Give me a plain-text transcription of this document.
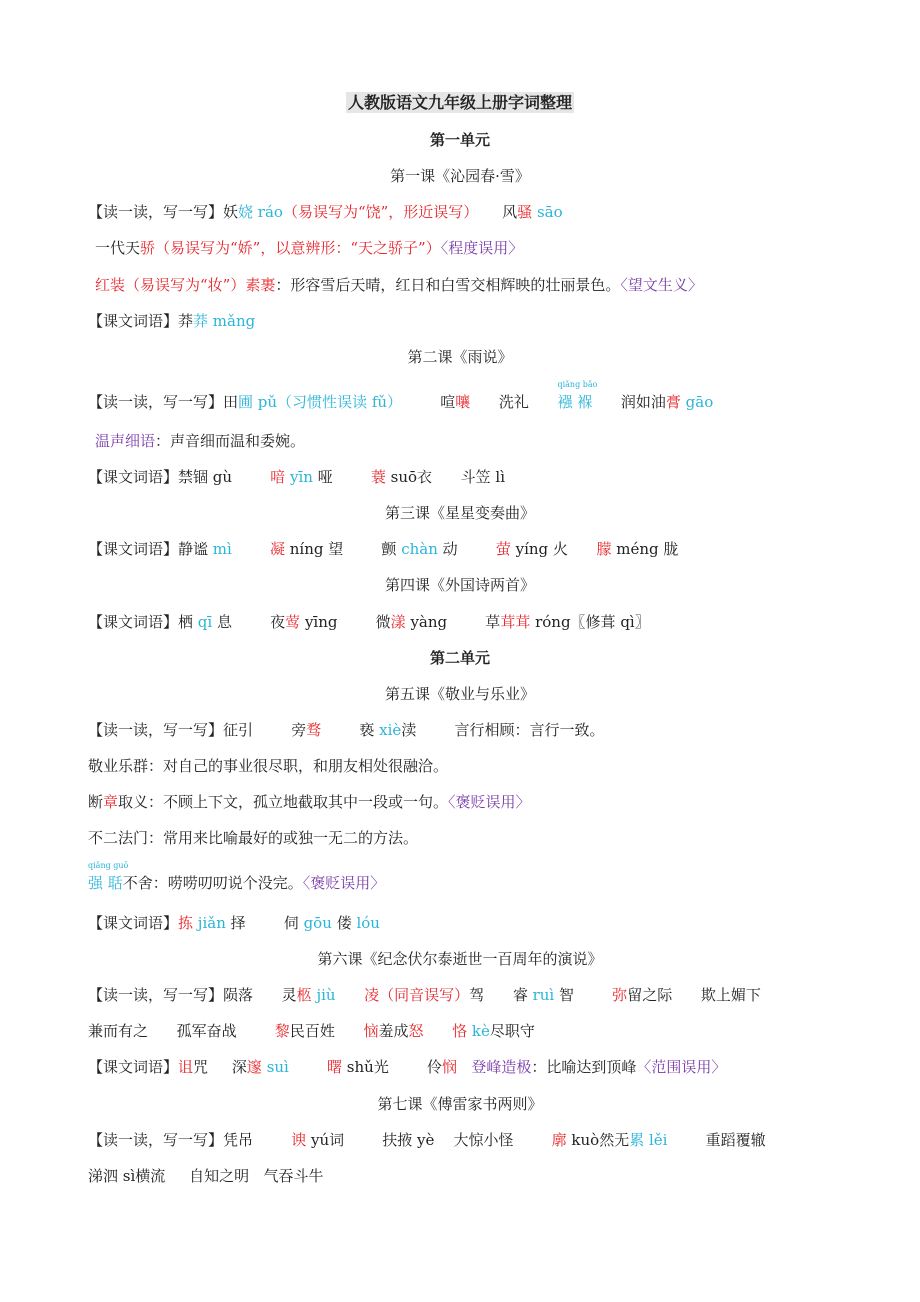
人教版语文九年级上册字词整理
第一单元
第一课《沁园春·雪》
【读一读，写一写】妖娆 ráo（易误写为“饶”，形近误写） 风骚 sāo
一代天骄（易误写为“娇”，以意辨形：“天之骄子”）〈程度误用〉
红装（易误写为“妆”）素裹：形容雪后天晴，红日和白雪交相辉映的壮丽景色。〈望文生义〉
【课文词语】莽莽 mǎng
第二课《雨说》
【读一读，写一写】田圃 pǔ（习惯性误读 fǔ）	喧嚷 洗礼
qiǎng bǎo
襁 褓 润如油膏 gāo
温声细语：声音细而温和委婉。
【课文词语】禁锢 gù	喑 yīn 哑	蓑 suō衣 斗笠 lì
第三课《星星变奏曲》
【课文词语】静谧 mì	凝 níng 望	颤 chàn 动	萤 yíng 火 朦 méng 胧
第四课《外国诗两首》
【课文词语】栖 qī 息	夜莺 yīng	微漾 yàng	草茸茸 róng〖修葺 qì〗
第二单元
第五课《敬业与乐业》
【读一读，写一写】征引	旁骛	亵 xiè渎	言行相顾：言行一致。
敬业乐群：对自己的事业很尽职，和朋友相处很融洽。
断章取义：不顾上下文，孤立地截取其中一段或一句。〈褒贬误用〉
不二法门：常用来比喻最好的或独一无二的方法。
qiǎng guō
强 聒不舍：唠唠叨叨说个没完。〈褒贬误用〉
【课文词语】拣 jiǎn 择	伺 gōu 偻 lóu
第六课《纪念伏尔泰逝世一百周年的演说》
【读一读，写一写】陨落 灵柩 jiù 凌（同音误写）驾 睿 ruì 智	弥留之际 欺上媚下
兼而有之 孤军奋战	黎民百姓 恼羞成怒 恪 kè尽职守
【课文词语】诅咒 深邃 suì	曙 shǔ光	伶悯 登峰造极：比喻达到顶峰〈范围误用〉
第七课《傅雷家书两则》
【读一读，写一写】凭吊	谀 yú词	扶掖 yè 大惊小怪	廓 kuò然无累 lěi	重蹈覆辙
涕泗 sì横流 自知之明 气吞斗牛
